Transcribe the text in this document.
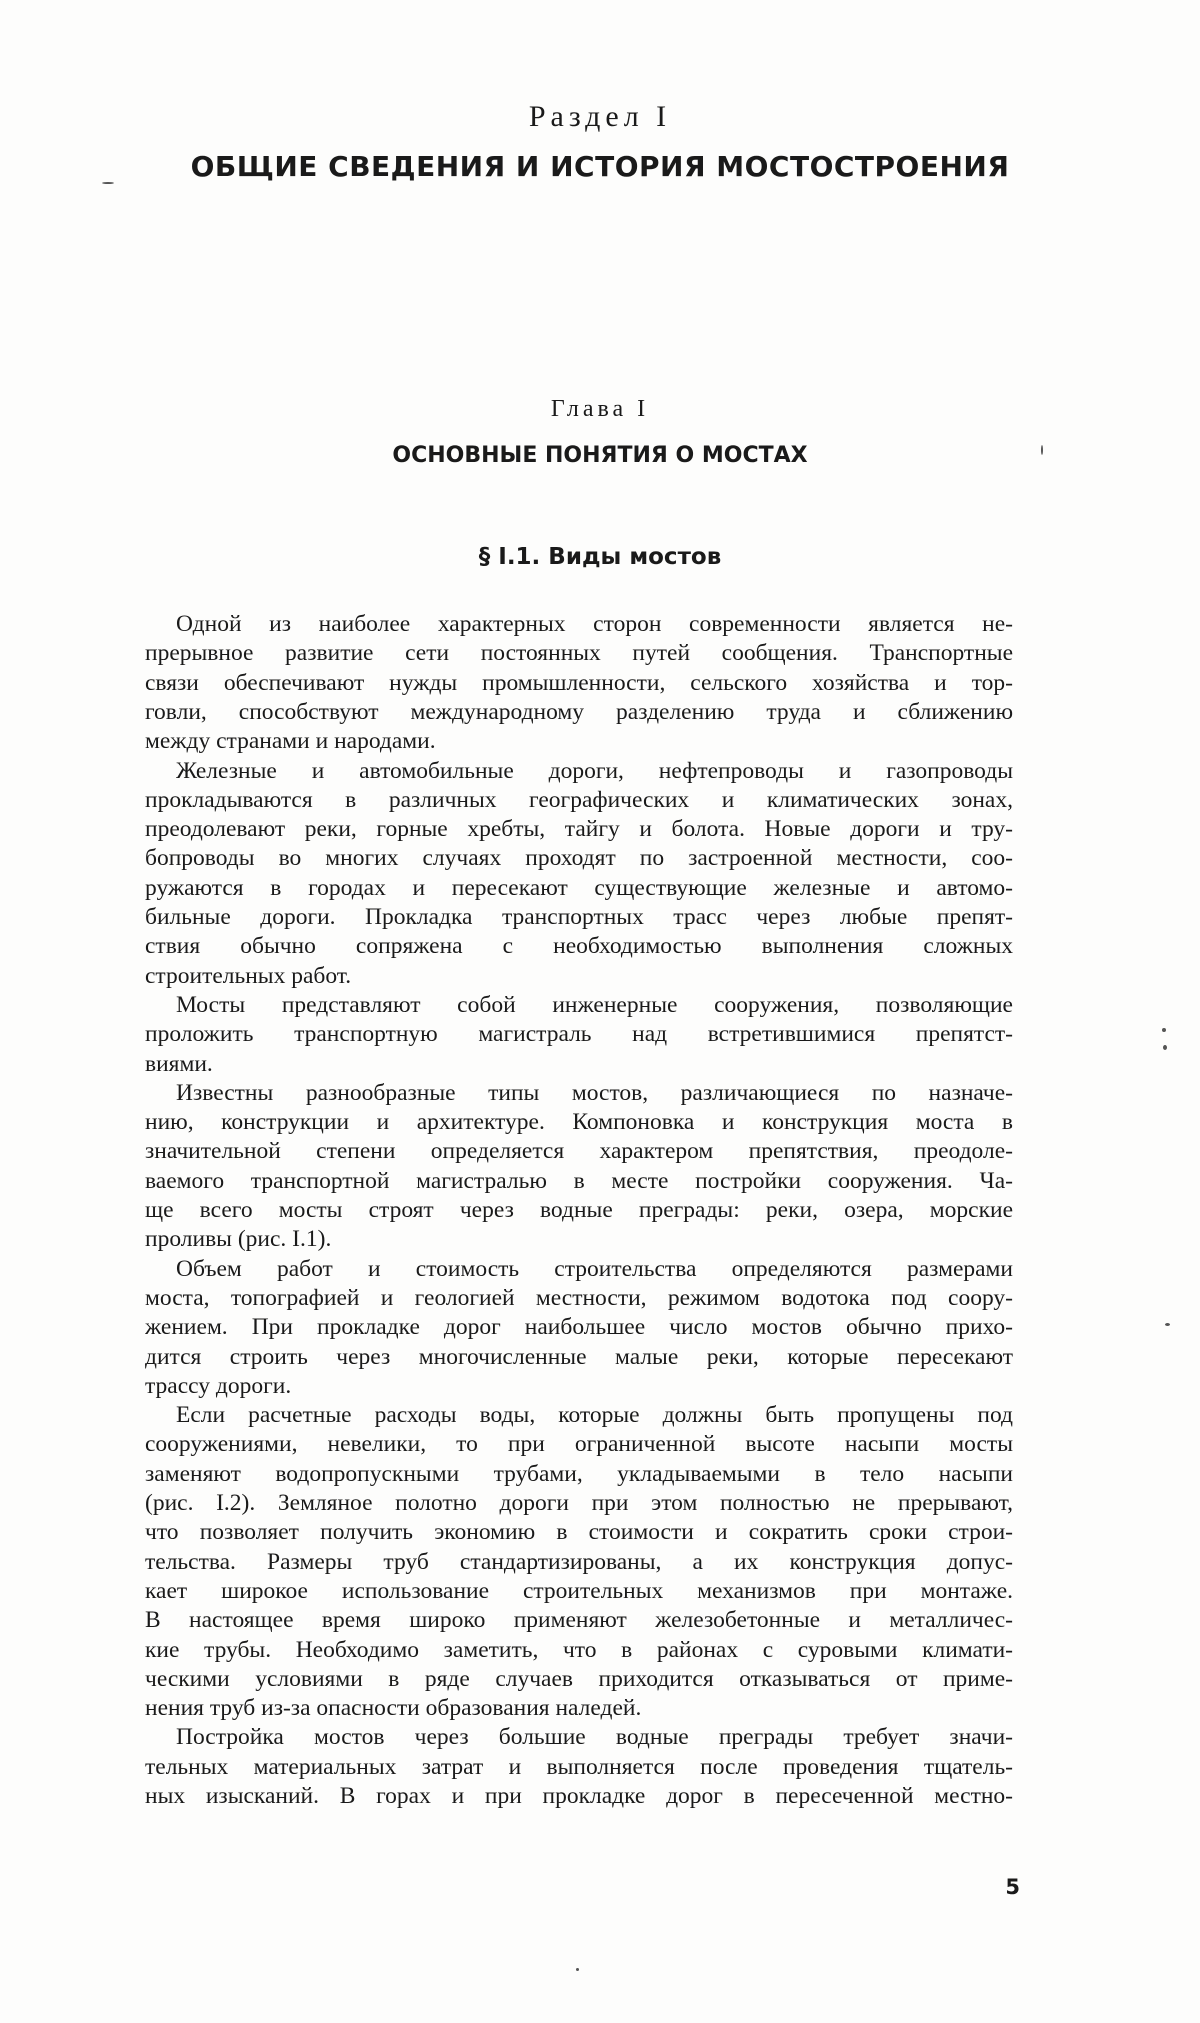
Раздел I
ОБЩИЕ СВЕДЕНИЯ И ИСТОРИЯ МОСТОСТРОЕНИЯ
Глава I
ОСНОВНЫЕ ПОНЯТИЯ О МОСТАХ
§ I.1. Виды мостов
Одной из наиболее характерных сторон современности является не-
прерывное развитие сети постоянных путей сообщения. Транспортные
связи обеспечивают нужды промышленности, сельского хозяйства и тор-
говли, способствуют международному разделению труда и сближению
между странами и народами.
Железные и автомобильные дороги, нефтепроводы и газопроводы
прокладываются в различных географических и климатических зонах,
преодолевают реки, горные хребты, тайгу и болота. Новые дороги и тру-
бопроводы во многих случаях проходят по застроенной местности, соо-
ружаются в городах и пересекают существующие железные и автомо-
бильные дороги. Прокладка транспортных трасс через любые препят-
ствия обычно сопряжена с необходимостью выполнения сложных
строительных работ.
Мосты представляют собой инженерные сооружения, позволяющие
проложить транспортную магистраль над встретившимися препятст-
виями.
Известны разнообразные типы мостов, различающиеся по назначе-
нию, конструкции и архитектуре. Компоновка и конструкция моста в
значительной степени определяется характером препятствия, преодоле-
ваемого транспортной магистралью в месте постройки сооружения. Ча-
ще всего мосты строят через водные преграды: реки, озера, морские
проливы (рис. I.1).
Объем работ и стоимость строительства определяются размерами
моста, топографией и геологией местности, режимом водотока под соору-
жением. При прокладке дорог наибольшее число мостов обычно прихо-
дится строить через многочисленные малые реки, которые пересекают
трассу дороги.
Если расчетные расходы воды, которые должны быть пропущены под
сооружениями, невелики, то при ограниченной высоте насыпи мосты
заменяют водопропускными трубами, укладываемыми в тело насыпи
(рис. I.2). Земляное полотно дороги при этом полностью не прерывают,
что позволяет получить экономию в стоимости и сократить сроки строи-
тельства. Размеры труб стандартизированы, а их конструкция допус-
кает широкое использование строительных механизмов при монтаже.
В настоящее время широко применяют железобетонные и металличес-
кие трубы. Необходимо заметить, что в районах с суровыми климати-
ческими условиями в ряде случаев приходится отказываться от приме-
нения труб из-за опасности образования наледей.
Постройка мостов через большие водные преграды требует значи-
тельных материальных затрат и выполняется после проведения тщатель-
ных изысканий. В горах и при прокладке дорог в пересеченной местно-
5
